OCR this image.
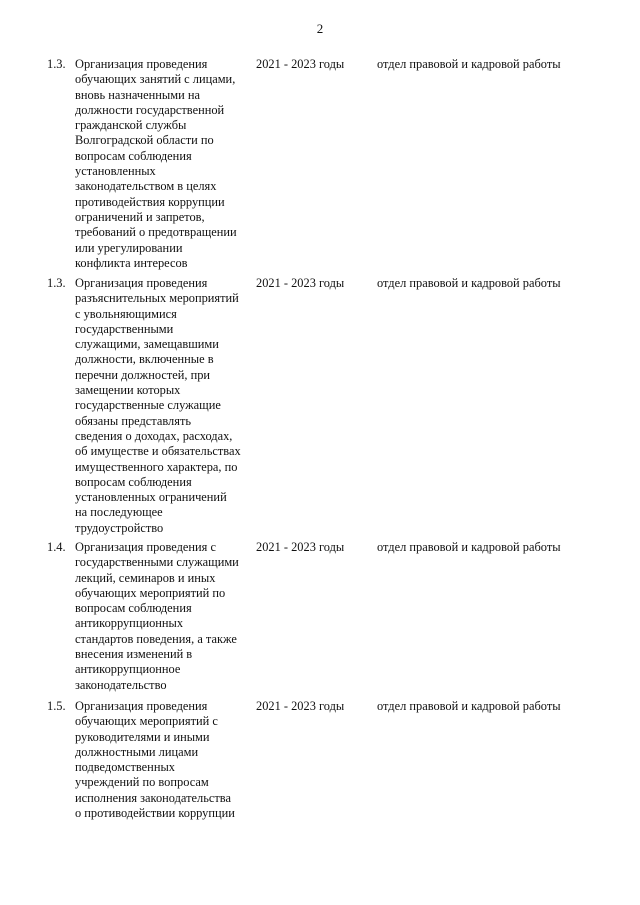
2
1.3. Организация проведения
обучающих занятий с лицами,
вновь назначенными на
должности государственной
гражданской службы
Волгоградской области по
вопросам соблюдения
установленных
законодательством в целях
противодействия коррупции
ограничений и запретов,
требований о предотвращении
или урегулировании
конфликта интересов
2021 - 2023 годы	отдел правовой и кадровой работы
1.3. Организация проведения
разъяснительных мероприятий
с увольняющимися
государственными
служащими, замещавшими
должности, включенные в
перечни должностей, при
замещении которых
государственные служащие
обязаны представлять
сведения о доходах, расходах,
об имуществе и обязательствах
имущественного характера, по
вопросам соблюдения
установленных ограничений
на последующее
трудоустройство
2021 - 2023 годы	отдел правовой и кадровой работы
1.4. Организация проведения с
государственными служащими
лекций, семинаров и иных
обучающих мероприятий по
вопросам соблюдения
антикоррупционных
стандартов поведения, а также
внесения изменений в
антикоррупционное
законодательство
2021 - 2023 годы	отдел правовой и кадровой работы
1.5. Организация проведения
обучающих мероприятий с
руководителями и иными
должностными лицами
подведомственных
учреждений по вопросам
исполнения законодательства
о противодействии коррупции
2021 - 2023 годы	отдел правовой и кадровой работы
